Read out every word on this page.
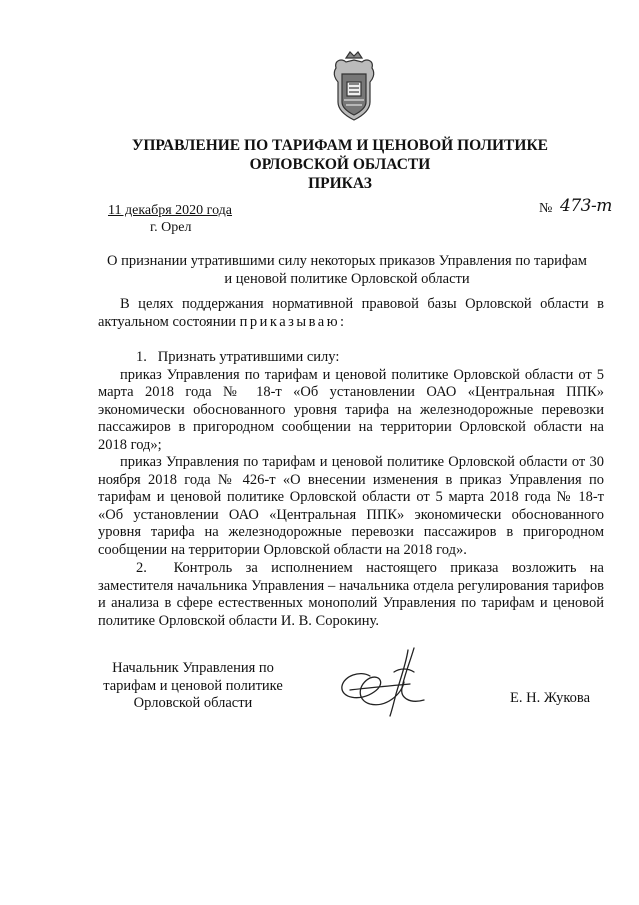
УПРАВЛЕНИЕ ПО ТАРИФАМ И ЦЕНОВОЙ ПОЛИТИКЕ
ОРЛОВСКОЙ ОБЛАСТИ
ПРИКАЗ
11 декабря 2020 года
г. Орел
№ 473-т
О признании утратившими силу некоторых приказов Управления по тарифам
и ценовой политике Орловской области

В целях поддержания нормативной правовой базы Орловской области в актуальном состоянии приказываю:

1. Признать утратившими силу:

приказ Управления по тарифам и ценовой политике Орловской области от 5 марта 2018 года № 18-т «Об установлении ОАО «Центральная ППК» экономически обоснованного уровня тарифа на железнодорожные перевозки пассажиров в пригородном сообщении на территории Орловской области на 2018 год»;

приказ Управления по тарифам и ценовой политике Орловской области от 30 ноября 2018 года № 426-т «О внесении изменения в приказ Управления по тарифам и ценовой политике Орловской области от 5 марта 2018 года № 18-т «Об установлении ОАО «Центральная ППК» экономически обоснованного уровня тарифа на железнодорожные перевозки пассажиров в пригородном сообщении на территории Орловской области на 2018 год».

2. Контроль за исполнением настоящего приказа возложить на заместителя начальника Управления – начальника отдела регулирования тарифов и анализа в сфере естественных монополий Управления по тарифам и ценовой политике Орловской области И. В. Сорокину.

Начальник Управления по
тарифам и ценовой политике
Орловской области	Е. Н. Жукова
